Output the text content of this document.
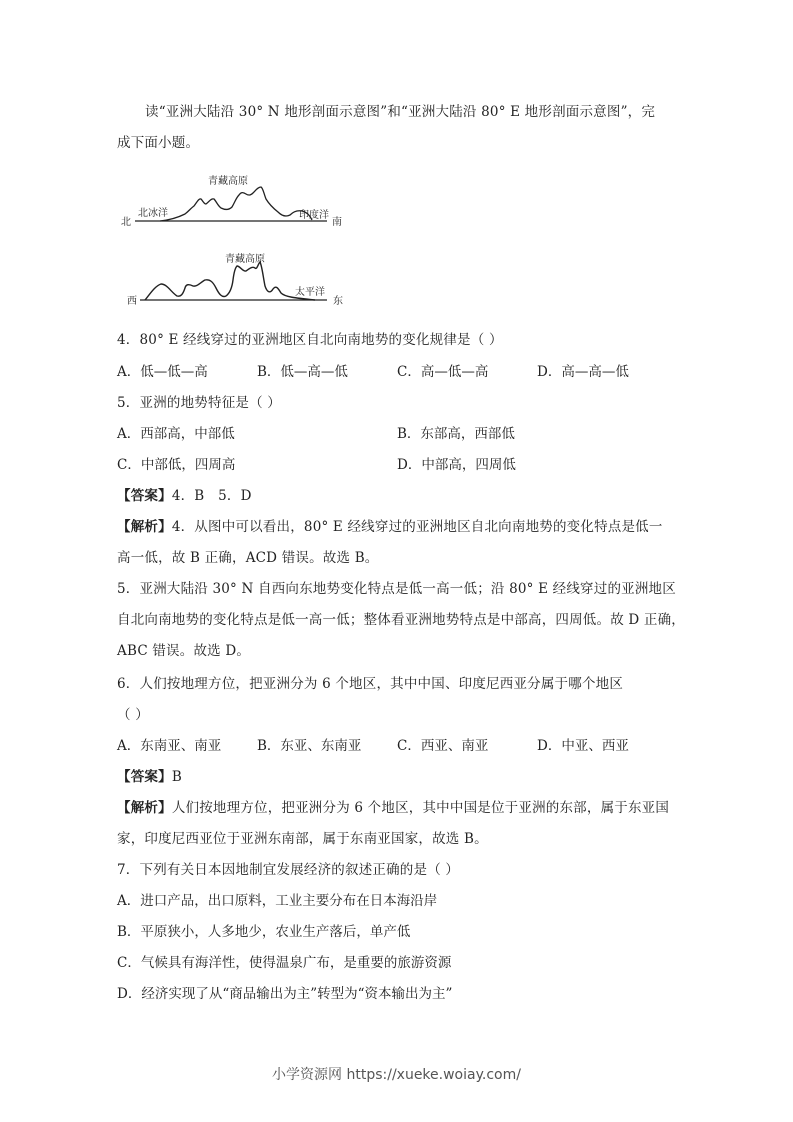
读“亚洲大陆沿 30° N 地形剖面示意图”和“亚洲大陆沿 80° E 地形剖面示意图”，完
成下面小题。
北
北冰洋
青藏高原
印度洋
南
西
青藏高原
太平洋
东
4．80° E 经线穿过的亚洲地区自北向南地势的变化规律是（ ）
A．低—低—高	B．低—高—低	C．高—低—高	D．高—高—低
5．亚洲的地势特征是（ ）
A．西部高，中部低	B．东部高，西部低
C．中部低，四周高	D．中部高，四周低
【答案】4．B　5．D
【解析】4．从图中可以看出，80° E 经线穿过的亚洲地区自北向南地势的变化特点是低一
高一低，故 B 正确，ACD 错误。故选 B。
5．亚洲大陆沿 30° N 自西向东地势变化特点是低一高一低；沿 80° E 经线穿过的亚洲地区
自北向南地势的变化特点是低一高一低；整体看亚洲地势特点是中部高，四周低。故 D 正确，
ABC 错误。故选 D。
6．人们按地理方位，把亚洲分为 6 个地区，其中中国、印度尼西亚分属于哪个地区
（ ）
A．东南亚、南亚	B．东亚、东南亚	C．西亚、南亚	D．中亚、西亚
【答案】B
【解析】人们按地理方位，把亚洲分为 6 个地区，其中中国是位于亚洲的东部，属于东亚国
家，印度尼西亚位于亚洲东南部，属于东南亚国家，故选 B。
7．下列有关日本因地制宜发展经济的叙述正确的是（ ）
A．进口产品，出口原料，工业主要分布在日本海沿岸
B．平原狭小，人多地少，农业生产落后，单产低
C．气候具有海洋性，使得温泉广布，是重要的旅游资源
D．经济实现了从“商品输出为主”转型为“资本输出为主”
小学资源网 https://xueke.woiay.com/
